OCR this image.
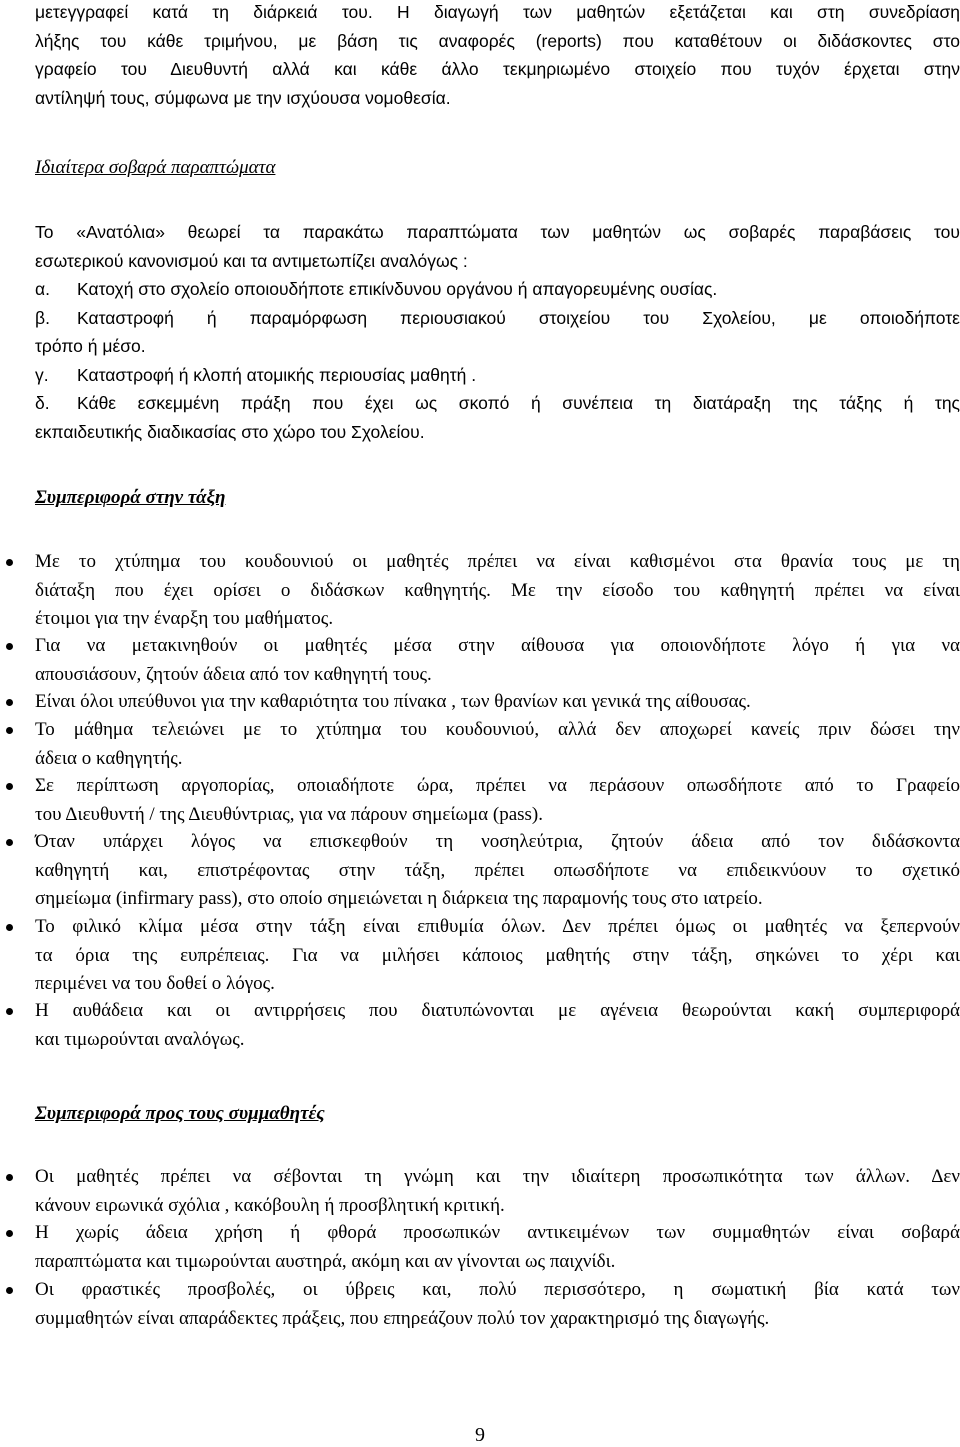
μετεγγραφεί κατά τη διάρκειά του. Η διαγωγή των μαθητών εξετάζεται και στη συνεδρίαση
λήξης του κάθε τριμήνου, με βάση τις αναφορές (reports) που καταθέτουν οι διδάσκοντες στο
γραφείο του Διευθυντή αλλά και κάθε άλλο τεκμηριωμένο στοιχείο που τυχόν έρχεται στην
αντίληψή τους, σύμφωνα με την ισχύουσα νομοθεσία.
Ιδιαίτερα σοβαρά παραπτώματα
Το «Ανατόλια» θεωρεί τα παρακάτω παραπτώματα των μαθητών ως σοβαρές παραβάσεις του
εσωτερικού κανονισμού και τα αντιμετωπίζει αναλόγως :
α. Κατοχή στο σχολείο οποιουδήποτε επικίνδυνου οργάνου ή απαγορευμένης ουσίας.
β. Καταστροφή ή παραμόρφωση περιουσιακού στοιχείου του Σχολείου, με οποιοδήποτε
τρόπο ή μέσο.
γ. Καταστροφή ή κλοπή ατομικής περιουσίας μαθητή .
δ. Κάθε εσκεμμένη πράξη που έχει ως σκοπό ή συνέπεια τη διατάραξη της τάξης ή της
εκπαιδευτικής διαδικασίας στο χώρο του Σχολείου.
Συμπεριφορά στην τάξη
Με το χτύπημα του κουδουνιού οι μαθητές πρέπει να είναι καθισμένοι στα θρανία τους με τη
διάταξη που έχει ορίσει ο διδάσκων καθηγητής. Με την είσοδο του καθηγητή πρέπει να είναι
έτοιμοι για την έναρξη του μαθήματος.
Για να μετακινηθούν οι μαθητές μέσα στην αίθουσα για οποιονδήποτε λόγο ή για να
απουσιάσουν, ζητούν άδεια από τον καθηγητή τους.
Είναι όλοι υπεύθυνοι για την καθαριότητα του πίνακα , των θρανίων και γενικά της αίθουσας.
Το μάθημα τελειώνει με το χτύπημα του κουδουνιού, αλλά δεν αποχωρεί κανείς πριν δώσει την
άδεια ο καθηγητής.
Σε περίπτωση αργοπορίας, οποιαδήποτε ώρα, πρέπει να περάσουν οπωσδήποτε από το Γραφείο
του Διευθυντή / της Διευθύντριας, για να πάρουν σημείωμα (pass).
Όταν υπάρχει λόγος να επισκεφθούν τη νοσηλεύτρια, ζητούν άδεια από τον διδάσκοντα
καθηγητή και, επιστρέφοντας στην τάξη, πρέπει οπωσδήποτε να επιδεικνύουν το σχετικό
σημείωμα (infirmary pass), στο οποίο σημειώνεται η διάρκεια της παραμονής τους στο ιατρείο.
Το φιλικό κλίμα μέσα στην τάξη είναι επιθυμία όλων. Δεν πρέπει όμως οι μαθητές να ξεπερνούν
τα όρια της ευπρέπειας. Για να μιλήσει κάποιος μαθητής στην τάξη, σηκώνει το χέρι και
περιμένει να του δοθεί ο λόγος.
Η αυθάδεια και οι αντιρρήσεις που διατυπώνονται με αγένεια θεωρούνται κακή συμπεριφορά
και τιμωρούνται αναλόγως.
Συμπεριφορά προς τους συμμαθητές
Οι μαθητές πρέπει να σέβονται τη γνώμη και την ιδιαίτερη προσωπικότητα των άλλων. Δεν
κάνουν ειρωνικά σχόλια , κακόβουλη ή προσβλητική κριτική.
Η χωρίς άδεια χρήση ή φθορά προσωπικών αντικειμένων των συμμαθητών είναι σοβαρά
παραπτώματα και τιμωρούνται αυστηρά, ακόμη και αν γίνονται ως παιχνίδι.
Οι φραστικές προσβολές, οι ύβρεις και, πολύ περισσότερο, η σωματική βία κατά των
συμμαθητών είναι απαράδεκτες πράξεις, που επηρεάζουν πολύ τον χαρακτηρισμό της διαγωγής.
9
